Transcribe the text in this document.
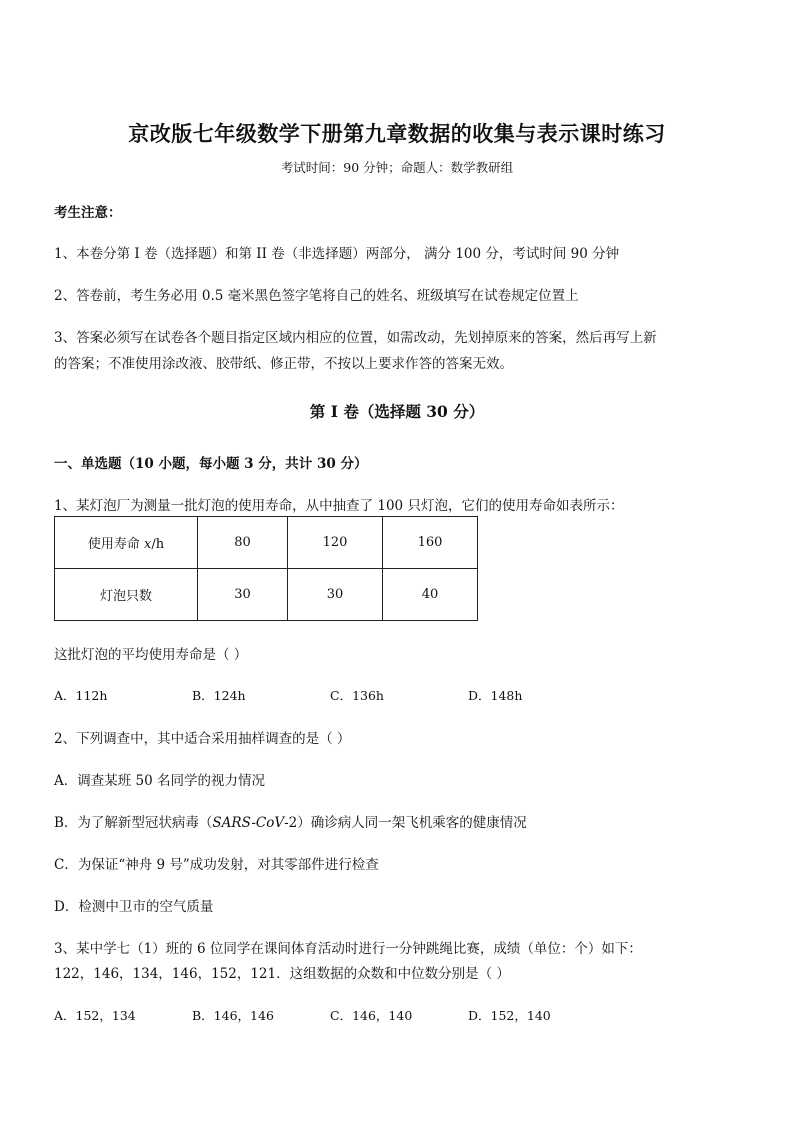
京改版七年级数学下册第九章数据的收集与表示课时练习
考试时间：90 分钟；命题人：数学教研组
考生注意：
1、本卷分第 I 卷（选择题）和第 II 卷（非选择题）两部分， 满分 100 分，考试时间 90 分钟
2、答卷前，考生务必用 0.5 毫米黑色签字笔将自己的姓名、班级填写在试卷规定位置上
3、答案必须写在试卷各个题目指定区域内相应的位置，如需改动，先划掉原来的答案，然后再写上新
的答案；不准使用涂改液、胶带纸、修正带，不按以上要求作答的答案无效。
第 I 卷（选择题 30 分）
一、单选题（10 小题，每小题 3 分，共计 30 分）
1、某灯泡厂为测量一批灯泡的使用寿命，从中抽查了 100 只灯泡，它们的使用寿命如表所示：
使用寿命 x/h	80	120	160
灯泡只数	30	30	40
这批灯泡的平均使用寿命是（ ）
A．112h	B．124h	C．136h	D．148h
2、下列调查中，其中适合采用抽样调查的是（ ）
A．调查某班 50 名同学的视力情况
B．为了解新型冠状病毒（SARS-CoV-2）确诊病人同一架飞机乘客的健康情况
C．为保证“神舟 9 号”成功发射，对其零部件进行检查
D．检测中卫市的空气质量
3、某中学七（1）班的 6 位同学在课间体育活动时进行一分钟跳绳比赛，成绩（单位：个）如下：
122，146，134，146，152，121．这组数据的众数和中位数分别是（ ）
A．152，134	B．146，146	C．146，140	D．152，140
